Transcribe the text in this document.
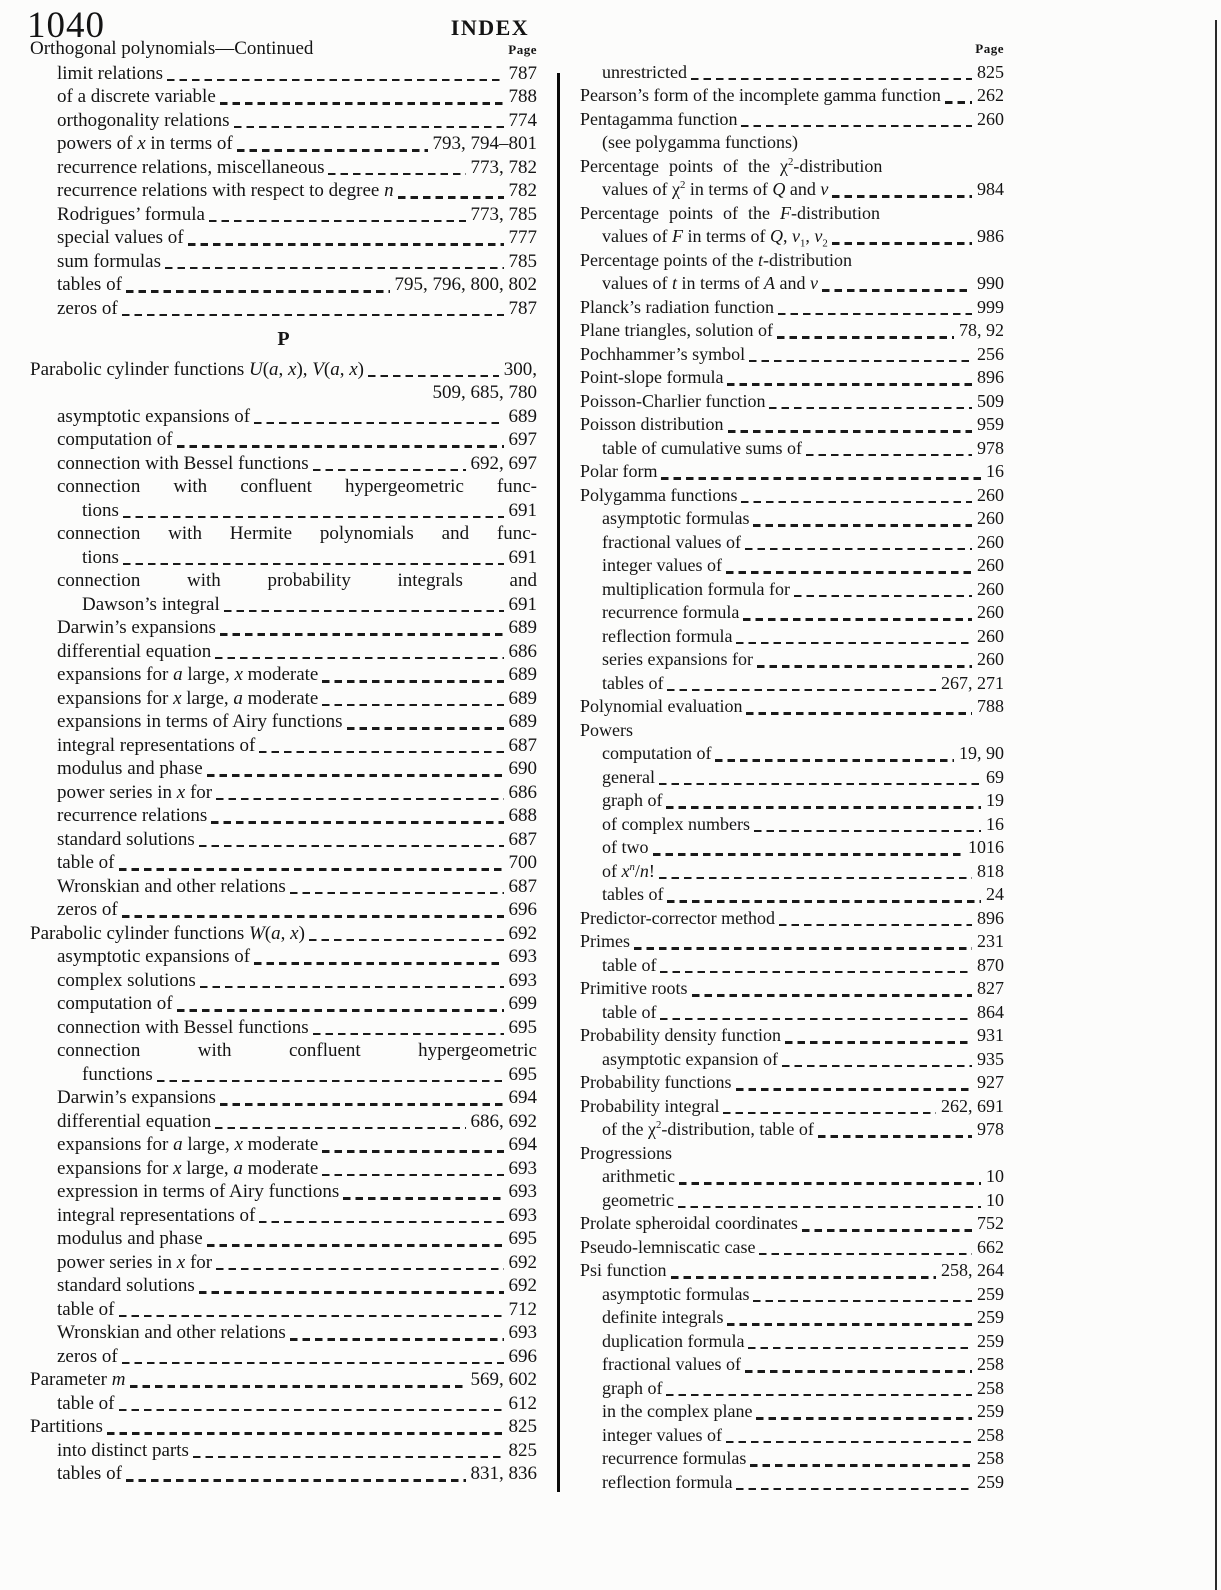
1040	INDEX
Orthogonal polynomials—Continued	Page
limit relations	787
of a discrete variable	788
orthogonality relations	774
powers of x in terms of	793, 794–801
recurrence relations, miscellaneous	773, 782
recurrence relations with respect to degree n	782
Rodrigues’ formula	773, 785
special values of	777
sum formulas	785
tables of	795, 796, 800, 802
zeros of	787
P
Parabolic cylinder functions U(a, x), V(a, x)	300,
509, 685, 780
asymptotic expansions of	689
computation of	697
connection with Bessel functions	692, 697
connection with confluent hypergeometric func-
tions	691
connection with Hermite polynomials and func-
tions	691
connection with probability integrals and
Dawson’s integral	691
Darwin’s expansions	689
differential equation	686
expansions for a large, x moderate	689
expansions for x large, a moderate	689
expansions in terms of Airy functions	689
integral representations of	687
modulus and phase	690
power series in x for	686
recurrence relations	688
standard solutions	687
table of	700
Wronskian and other relations	687
zeros of	696
Parabolic cylinder functions W(a, x)	692
asymptotic expansions of	693
complex solutions	693
computation of	699
connection with Bessel functions	695
connection with confluent hypergeometric
functions	695
Darwin’s expansions	694
differential equation	686, 692
expansions for a large, x moderate	694
expansions for x large, a moderate	693
expression in terms of Airy functions	693
integral representations of	693
modulus and phase	695
power series in x for	692
standard solutions	692
table of	712
Wronskian and other relations	693
zeros of	696
Parameter m	569, 602
table of	612
Partitions	825
into distinct parts	825
tables of	831, 836
Page
unrestricted	825
Pearson’s form of the incomplete gamma function 262
Pentagamma function	260
(see polygamma functions)
Percentage points of the $\chi^2$-distribution
values of $\chi^2$ in terms of Q and ν	984
Percentage points of the F-distribution
values of F in terms of Q, $\nu_1$, $\nu_2$	986
Percentage points of the t-distribution
values of t in terms of A and ν	990
Planck’s radiation function	999
Plane triangles, solution of	78, 92
Pochhammer’s symbol	256
Point-slope formula	896
Poisson-Charlier function	509
Poisson distribution	959
table of cumulative sums of	978
Polar form	16
Polygamma functions	260
asymptotic formulas	260
fractional values of	260
integer values of	260
multiplication formula for	260
recurrence formula	260
reflection formula	260
series expansions for	260
tables of	267, 271
Polynomial evaluation	788
Powers
computation of	19, 90
general	69
graph of	19
of complex numbers	16
of two	1016
of $x^n/n$!	818
tables of	24
Predictor-corrector method	896
Primes	231
table of	870
Primitive roots	827
table of	864
Probability density function	931
asymptotic expansion of	935
Probability functions	927
Probability integral	262, 691
of the $\chi^2$-distribution, table of	978
Progressions
arithmetic	10
geometric	10
Prolate spheroidal coordinates	752
Pseudo-lemniscatic case	662
Psi function	258, 264
asymptotic formulas	259
definite integrals	259
duplication formula	259
fractional values of	258
graph of	258
in the complex plane	259
integer values of	258
recurrence formulas	258
reflection formula	259
